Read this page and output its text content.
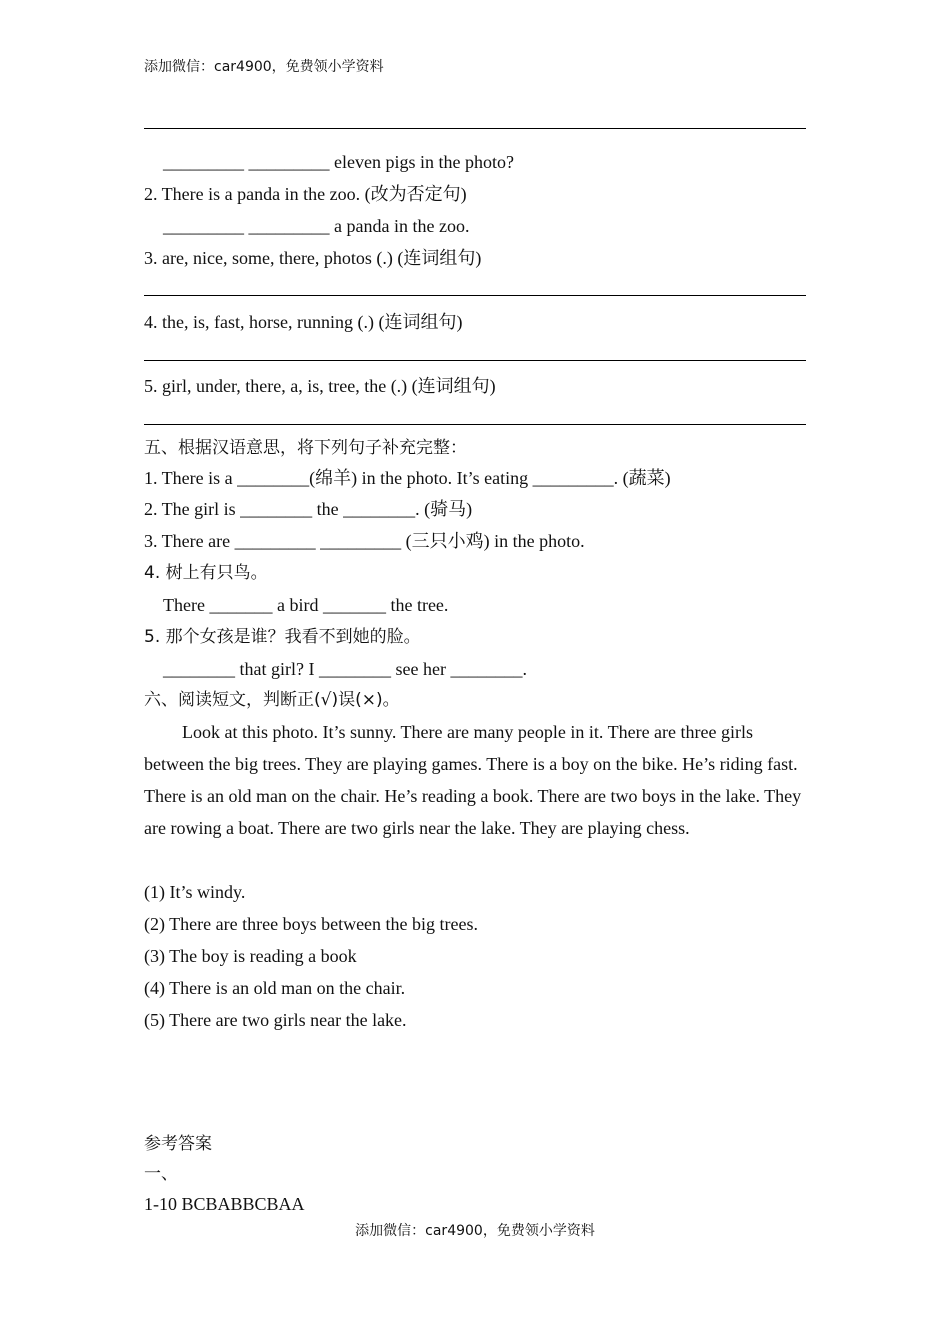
添加微信：car4900，免费领小学资料
_________ _________ eleven pigs in the photo?
2. There is a panda in the zoo. (改为否定句)
_________ _________ a panda in the zoo.
3. are, nice, some, there, photos (.) (连词组句)
4. the, is, fast, horse, running (.) (连词组句)
5. girl, under, there, a, is, tree, the (.) (连词组句)
五、根据汉语意思，将下列句子补充完整：
1. There is a ________(绵羊) in the photo. It’s eating _________. (蔬菜)
2. The girl is ________ the ________. (骑马)
3. There are _________ _________ (三只小鸡) in the photo.
4. 树上有只鸟。
There _______ a bird _______ the tree.
5. 那个女孩是谁？我看不到她的脸。
________ that girl? I ________ see her ________.
六、阅读短文，判断正(√)误(×)。
Look at this photo. It’s sunny. There are many people in it. There are three girls between the big trees. They are playing games. There is a boy on the bike. He’s riding fast. There is an old man on the chair. He’s reading a book. There are two boys in the lake. They are rowing a boat. There are two girls near the lake. They are playing chess.
(1) It’s windy.
(2) There are three boys between the big trees.
(3) The boy is reading a book
(4) There is an old man on the chair.
(5) There are two girls near the lake.
参考答案
一、
1-10 BCBABBCBAA
添加微信：car4900，免费领小学资料
